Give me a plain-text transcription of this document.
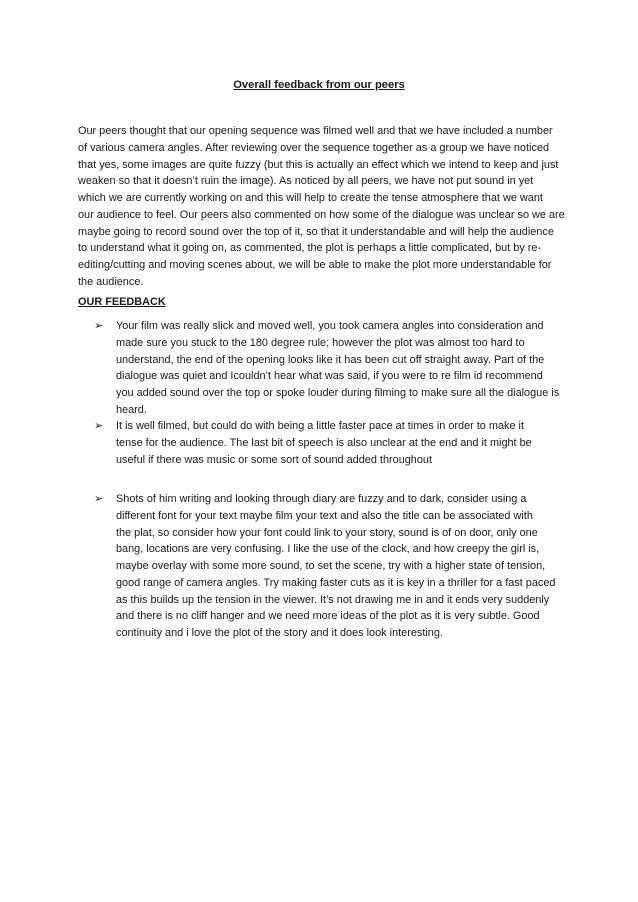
Overall feedback from our peers

Our peers thought that our opening sequence was filmed well and that we have included a number
of various camera angles. After reviewing over the sequence together as a group we have noticed
that yes, some images are quite fuzzy (but this is actually an effect which we intend to keep and just
weaken so that it doesn’t ruin the image). As noticed by all peers, we have not put sound in yet
which we are currently working on and this will help to create the tense atmosphere that we want
our audience to feel. Our peers also commented on how some of the dialogue was unclear so we are
maybe going to record sound over the top of it, so that it understandable and will help the audience
to understand what it going on, as commented, the plot is perhaps a little complicated, but by re-
editing/cutting and moving scenes about, we will be able to make the plot more understandable for
the audience.

OUR FEEDBACK
➢ Your film was really slick and moved well, you took camera angles into consideration and
made sure you stuck to the 180 degree rule; however the plot was almost too hard to
understand, the end of the opening looks like it has been cut off straight away. Part of the
dialogue was quiet and Icouldn’t hear what was said, if you were to re film id recommend
you added sound over the top or spoke louder during filming to make sure all the dialogue is
heard.

➢ It is well filmed, but could do with being a little faster pace at times in order to make it
tense for the audience. The last bit of speech is also unclear at the end and it might be
useful if there was music or some sort of sound added throughout

➢ Shots of him writing and looking through diary are fuzzy and to dark, consider using a
different font for your text maybe film your text and also the title can be associated with
the plat, so consider how your font could link to your story, sound is of on door, only one
bang, locations are very confusing. I like the use of the clock, and how creepy the girl is,
maybe overlay with some more sound, to set the scene, try with a higher state of tension,
good range of camera angles. Try making faster cuts as it is key in a thriller for a fast paced
as this builds up the tension in the viewer. It’s not drawing me in and it ends very suddenly
and there is no cliff hanger and we need more ideas of the plot as it is very subtle. Good
continuity and i love the plot of the story and it does look interesting.
